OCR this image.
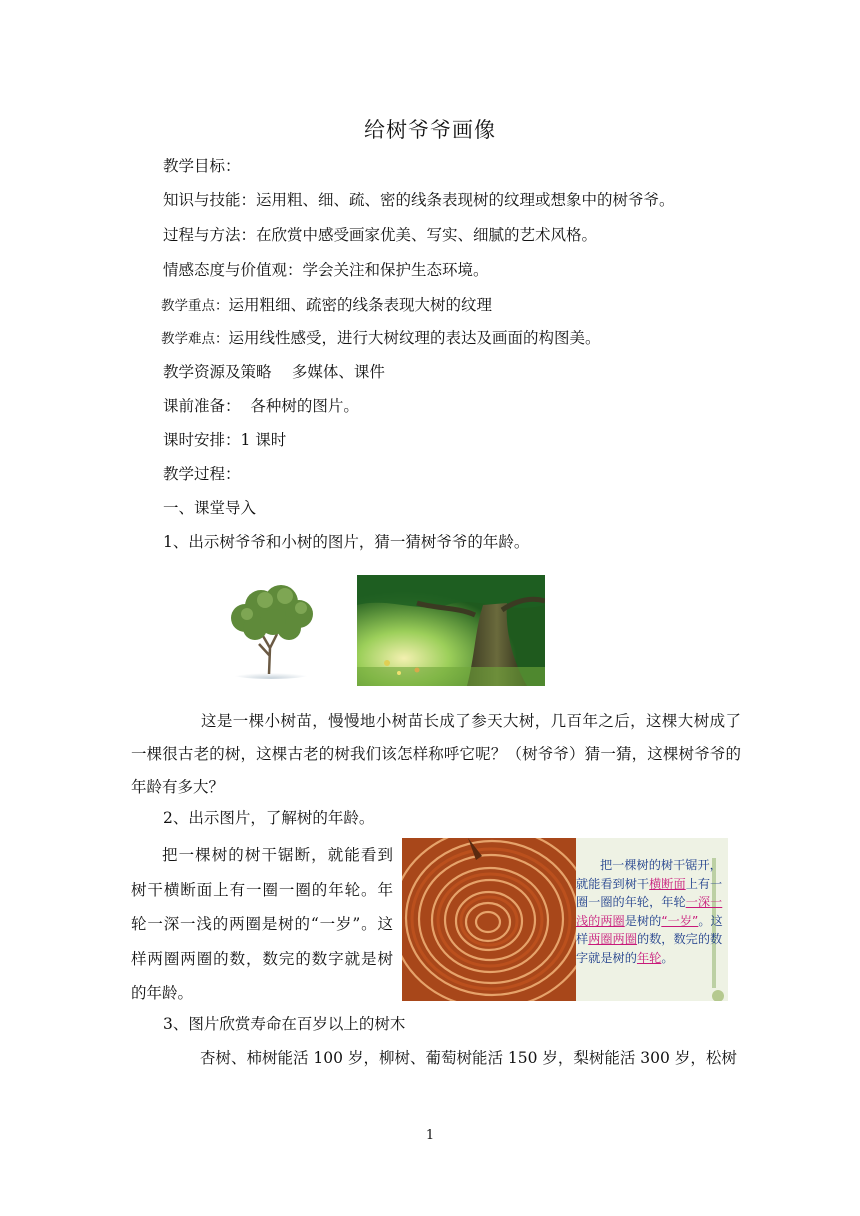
给树爷爷画像
教学目标：
知识与技能：运用粗、细、疏、密的线条表现树的纹理或想象中的树爷爷。
过程与方法：在欣赏中感受画家优美、写实、细腻的艺术风格。
情感态度与价值观：学会关注和保护生态环境。
教学重点：运用粗细、疏密的线条表现大树的纹理
教学难点：运用线性感受，进行大树纹理的表达及画面的构图美。
教学资源及策略　 多媒体、课件
课前准备：  各种树的图片。
课时安排：1 课时
教学过程：
一、课堂导入
1、出示树爷爷和小树的图片，猜一猜树爷爷的年龄。
这是一棵小树苗，慢慢地小树苗长成了参天大树，几百年之后，这棵大树成了一棵很古老的树，这棵古老的树我们该怎样称呼它呢？（树爷爷）猜一猜，这棵树爷爷的年龄有多大？
2、出示图片，了解树的年龄。
把一棵树的树干锯断，就能看到树干横断面上有一圈一圈的年轮。年轮一深一浅的两圈是树的“一岁”。这样两圈两圈的数，数完的数字就是树的年龄。
把一棵树的树干锯开，就能看到树干横断面上有一圈一圈的年轮，年轮一深一浅的两圈是树的“一岁”。这样两圈两圈的数，数完的数字就是树的年轮。
3、图片欣赏寿命在百岁以上的树木
杏树、柿树能活 100 岁，柳树、葡萄树能活 150 岁，梨树能活 300 岁，松树
1
